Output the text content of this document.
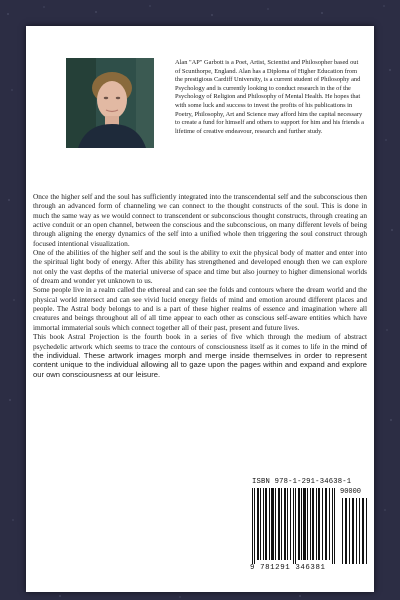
Alan "AP" Garbott is a Poet, Artist, Scientist and Philosopher based out of Scunthorpe, England. Alan has a Diploma of Higher Education from the prestigious Cardiff University, is a current student of Philosophy and Psychology and is currently looking to conduct research in the of the Psychology of Religion and Philosophy of Mental Health. He hopes that with some luck and success to invest the profits of his publications in Poetry, Philosophy, Art and Science may afford him the capital necessary to create a fund for himself and others to support for him and his friends a lifetime of creative endeavour, research and further study.

Once the higher self and the soul has sufficiently integrated into the transcendental self and the subconscious then through an advanced form of channeling we can connect to the thought constructs of the soul. This is done in much the same way as we would connect to transcendent or subconscious thought constructs, through creating an active conduit or an open channel, between the conscious and the subconscious, on many different levels of being through aligning the energy dynamics of the self into a unified whole then triggering the soul construct through focused intentional visualization.

One of the abilities of the higher self and the soul is the ability to exit the physical body of matter and enter into the spiritual light body of energy. After this ability has strengthened and developed enough then we can explore not only the vast depths of the material universe of space and time but also journey to higher dimensional worlds of dream and wonder yet unknown to us.

Some people live in a realm called the ethereal and can see the folds and contours where the dream world and the physical world intersect and can see vivid lucid energy fields of mind and emotion around different places and people. The Astral body belongs to and is a part of these higher realms of essence and imagination where all creatures and beings throughout all of all time appear to each other as conscious self-aware entities which have immortal immaterial souls which connect together all of their past, present and future lives.

This book Astral Projection is the fourth book in a series of five which through the medium of abstract psychedelic artwork which seems to trace the contours of consciousness itself as it comes to life in the mind of the individual. These artwork images morph and merge inside themselves in order to represent content unique to the individual allowing all to gaze upon the pages within and expand and explore our own consciousness at our leisure.

ISBN 978-1-291-34638-1
90000
9 781291 346381
